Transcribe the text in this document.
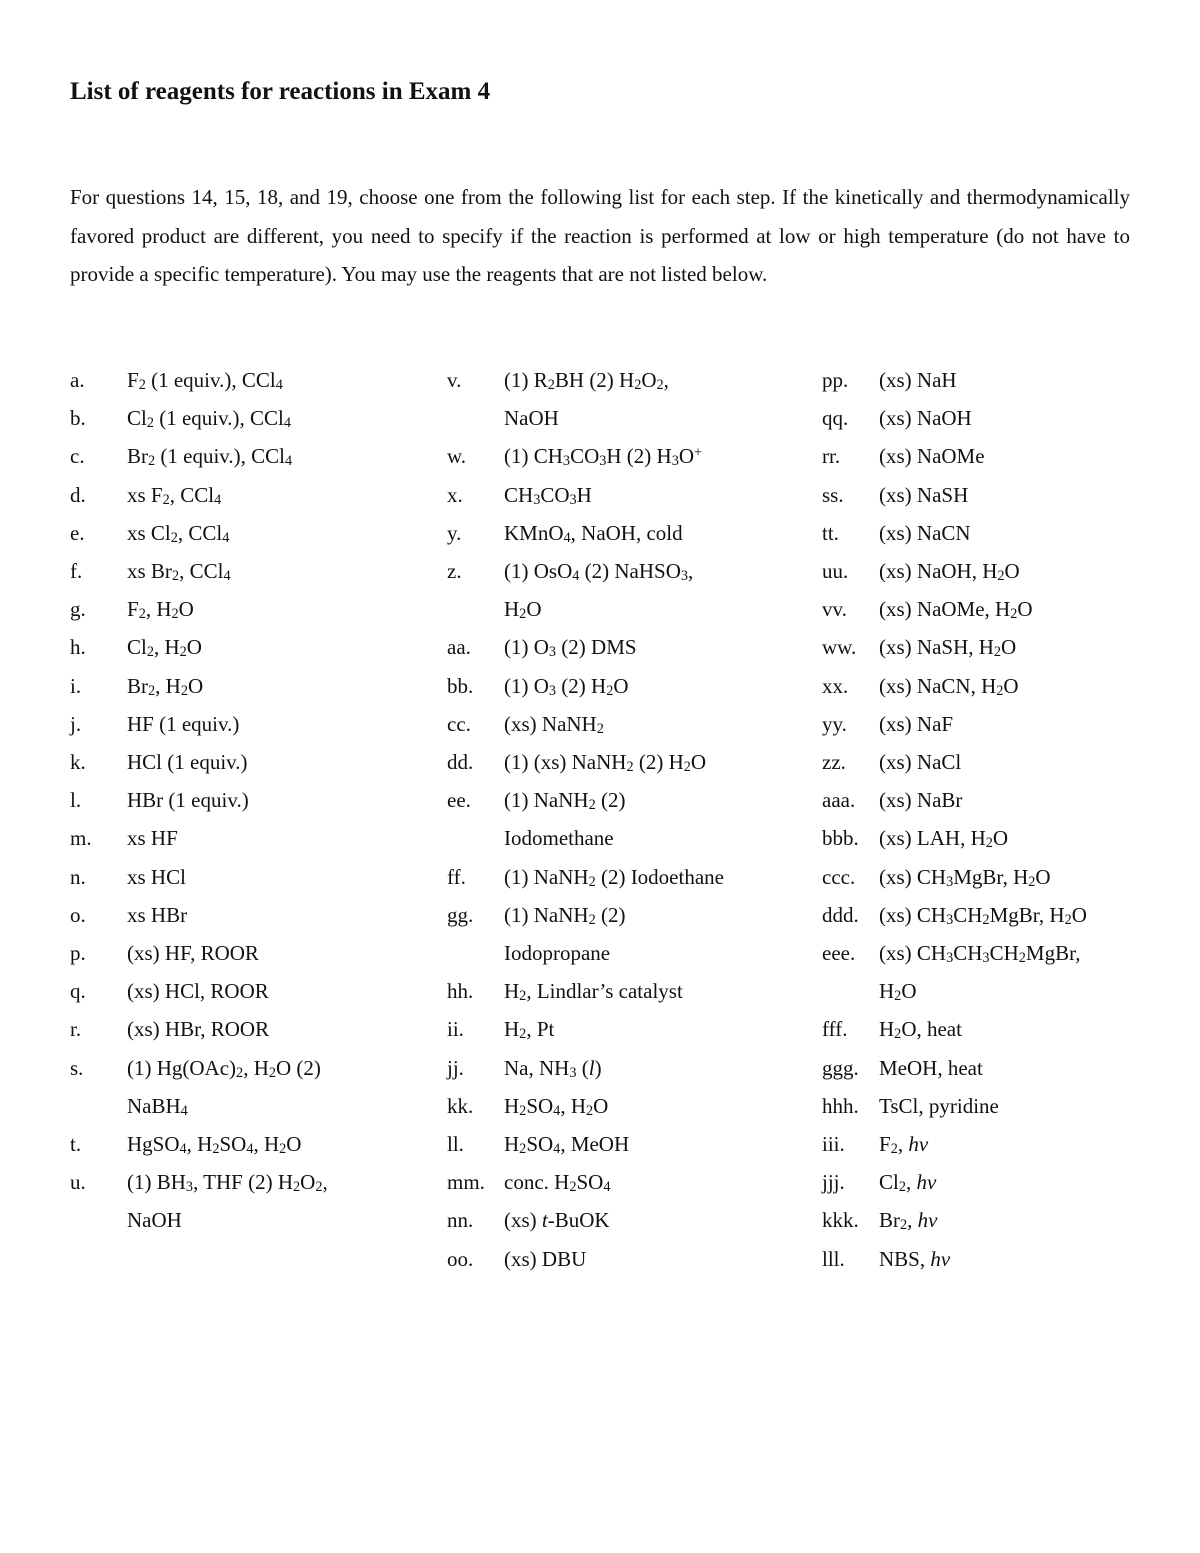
List of reagents for reactions in Exam 4

For questions 14, 15, 18, and 19, choose one from the following list for each step. If the kinetically and thermodynamically favored product are different, you need to specify if the reaction is performed at low or high temperature (do not have to provide a specific temperature). You may use the reagents that are not listed below.

a.	$F_2$ (1 equiv.), CCl$_4$
b.	$Cl_2$ (1 equiv.), CCl$_4$
c.	$Br_2$ (1 equiv.), CCl$_4$
d.	xs $F_2$, CCl$_4$
e.	xs $Cl_2$, CCl$_4$
f.	xs $Br_2$, CCl$_4$
g.	$F_2$, $H_2O$
h.	$Cl_2$, $H_2O$
i.	$Br_2$, $H_2O$
j.	HF (1 equiv.)
k.	HCl (1 equiv.)
l.	HBr (1 equiv.)
m.	xs HF
n.	xs HCl
o.	xs HBr
p.	(xs) HF, ROOR
q.	(xs) HCl, ROOR
r.	(xs) HBr, ROOR
s.	(1) $Hg(OAc)_2$, $H_2O$ (2)
NaBH$_4$
t.	HgSO$_4$, $H_2SO_4$, $H_2O$
u.	(1) $BH_3$, THF (2) $H_2O_2$,
NaOH
v.	(1) $R_2BH$ (2) $H_2O_2$,
NaOH
w.	(1) $CH_3CO_3H$ (2) $H_3O^+$
x.	$CH_3CO_3H$
y.	KMnO$_4$, NaOH, cold
z.	(1) OsO$_4$ (2) NaHSO$_3$,
$H_2O$
aa.	(1) $O_3$ (2) DMS
bb.	(1) $O_3$ (2) $H_2O$
cc.	(xs) NaNH$_2$
dd.	(1) (xs) NaNH$_2$ (2) $H_2O$
ee.	(1) NaNH$_2$ (2)
Iodomethane
ff.	(1) NaNH$_2$ (2) Iodoethane
gg.	(1) NaNH$_2$ (2)
Iodopropane
hh.	$H_2$, Lindlar’s catalyst
ii.	$H_2$, Pt
jj.	Na, $NH_3$ (l)
kk.	$H_2SO_4$, $H_2O$
ll.	$H_2SO_4$, MeOH
mm. conc. $H_2SO_4$
nn.	(xs) t-BuOK
oo.	(xs) DBU
pp.	(xs) NaH
qq.	(xs) NaOH
rr.	(xs) NaOMe
ss.	(xs) NaSH
tt.	(xs) NaCN
uu.	(xs) NaOH, $H_2O$
vv.	(xs) NaOMe, $H_2O$
ww.	(xs) NaSH, $H_2O$
xx.	(xs) NaCN, $H_2O$
yy.	(xs) NaF
zz.	(xs) NaCl
aaa.	(xs) NaBr
bbb. (xs) LAH, $H_2O$
ccc.	(xs) $CH_3MgBr$, $H_2O$
ddd. (xs) $CH_3CH_2MgBr$, $H_2O$
eee.	(xs) $CH_3CH_3CH_2MgBr$,
$H_2O$
fff.	$H_2O$, heat
ggg. MeOH, heat
hhh. TsCl, pyridine
iii.	$F_2$, hν
jjj.	$Cl_2$, hν
kkk. $Br_2$, hν
lll.	NBS, hν
